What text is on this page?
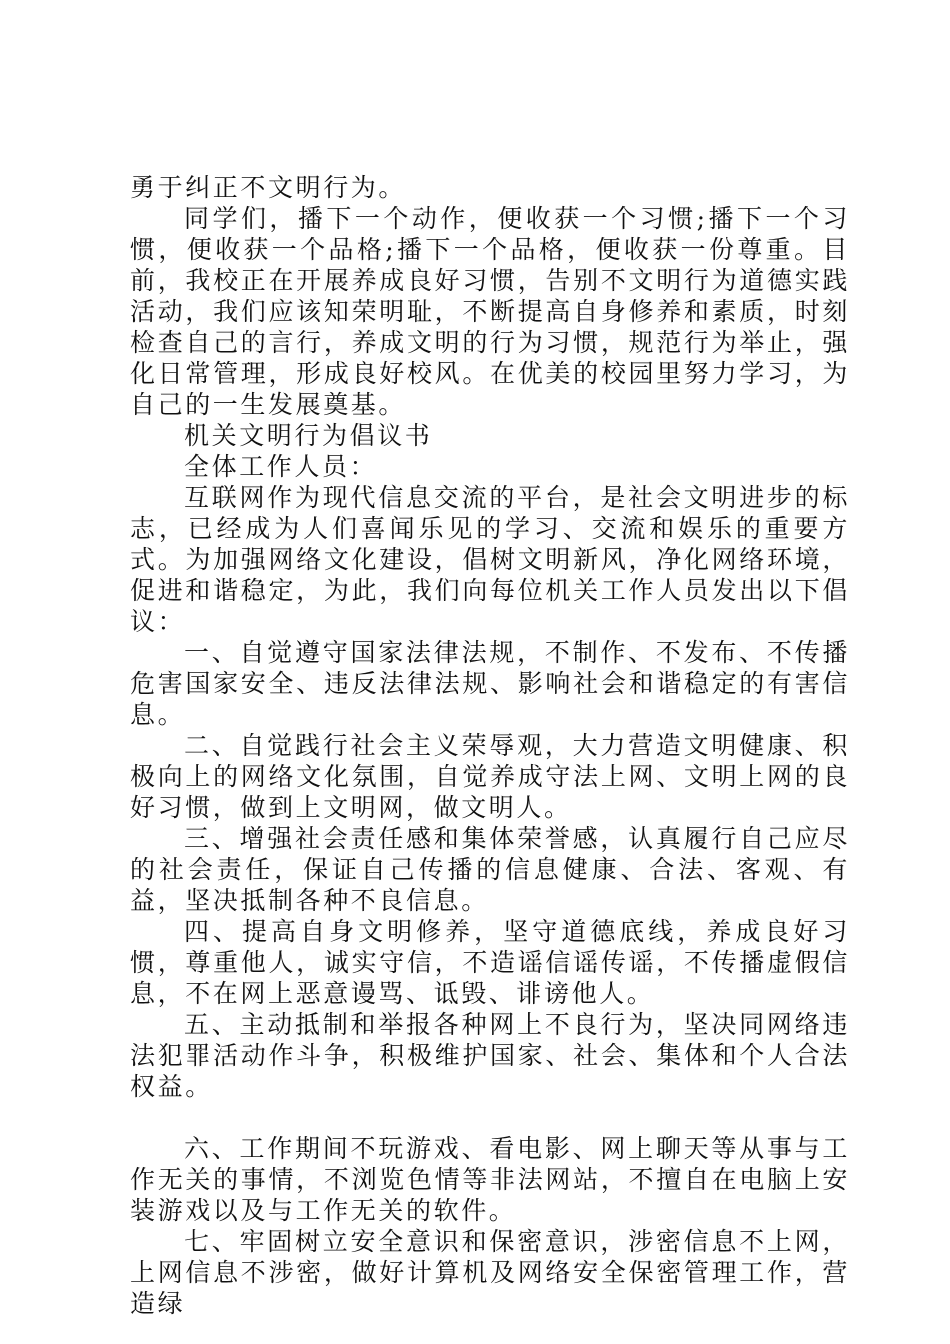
勇于纠正不文明行为。

同学们，播下一个动作，便收获一个习惯;播下一个习惯，便收获一个品格;播下一个品格，便收获一份尊重。目前，我校正在开展养成良好习惯，告别不文明行为道德实践活动，我们应该知荣明耻，不断提高自身修养和素质，时刻检查自己的言行，养成文明的行为习惯，规范行为举止，强化日常管理，形成良好校风。在优美的校园里努力学习，为自己的一生发展奠基。

机关文明行为倡议书

全体工作人员：

互联网作为现代信息交流的平台，是社会文明进步的标志，已经成为人们喜闻乐见的学习、交流和娱乐的重要方式。为加强网络文化建设，倡树文明新风，净化网络环境，促进和谐稳定，为此，我们向每位机关工作人员发出以下倡议：

一、自觉遵守国家法律法规，不制作、不发布、不传播危害国家安全、违反法律法规、影响社会和谐稳定的有害信息。

二、自觉践行社会主义荣辱观，大力营造文明健康、积极向上的网络文化氛围，自觉养成守法上网、文明上网的良好习惯，做到上文明网，做文明人。

三、增强社会责任感和集体荣誉感，认真履行自己应尽的社会责任，保证自己传播的信息健康、合法、客观、有益，坚决抵制各种不良信息。

四、提高自身文明修养，坚守道德底线，养成良好习惯，尊重他人，诚实守信，不造谣信谣传谣，不传播虚假信息，不在网上恶意谩骂、诋毁、诽谤他人。

五、主动抵制和举报各种网上不良行为，坚决同网络违法犯罪活动作斗争，积极维护国家、社会、集体和个人合法权益。

六、工作期间不玩游戏、看电影、网上聊天等从事与工作无关的事情，不浏览色情等非法网站，不擅自在电脑上安装游戏以及与工作无关的软件。

七、牢固树立安全意识和保密意识，涉密信息不上网，上网信息不涉密，做好计算机及网络安全保密管理工作，营造绿
